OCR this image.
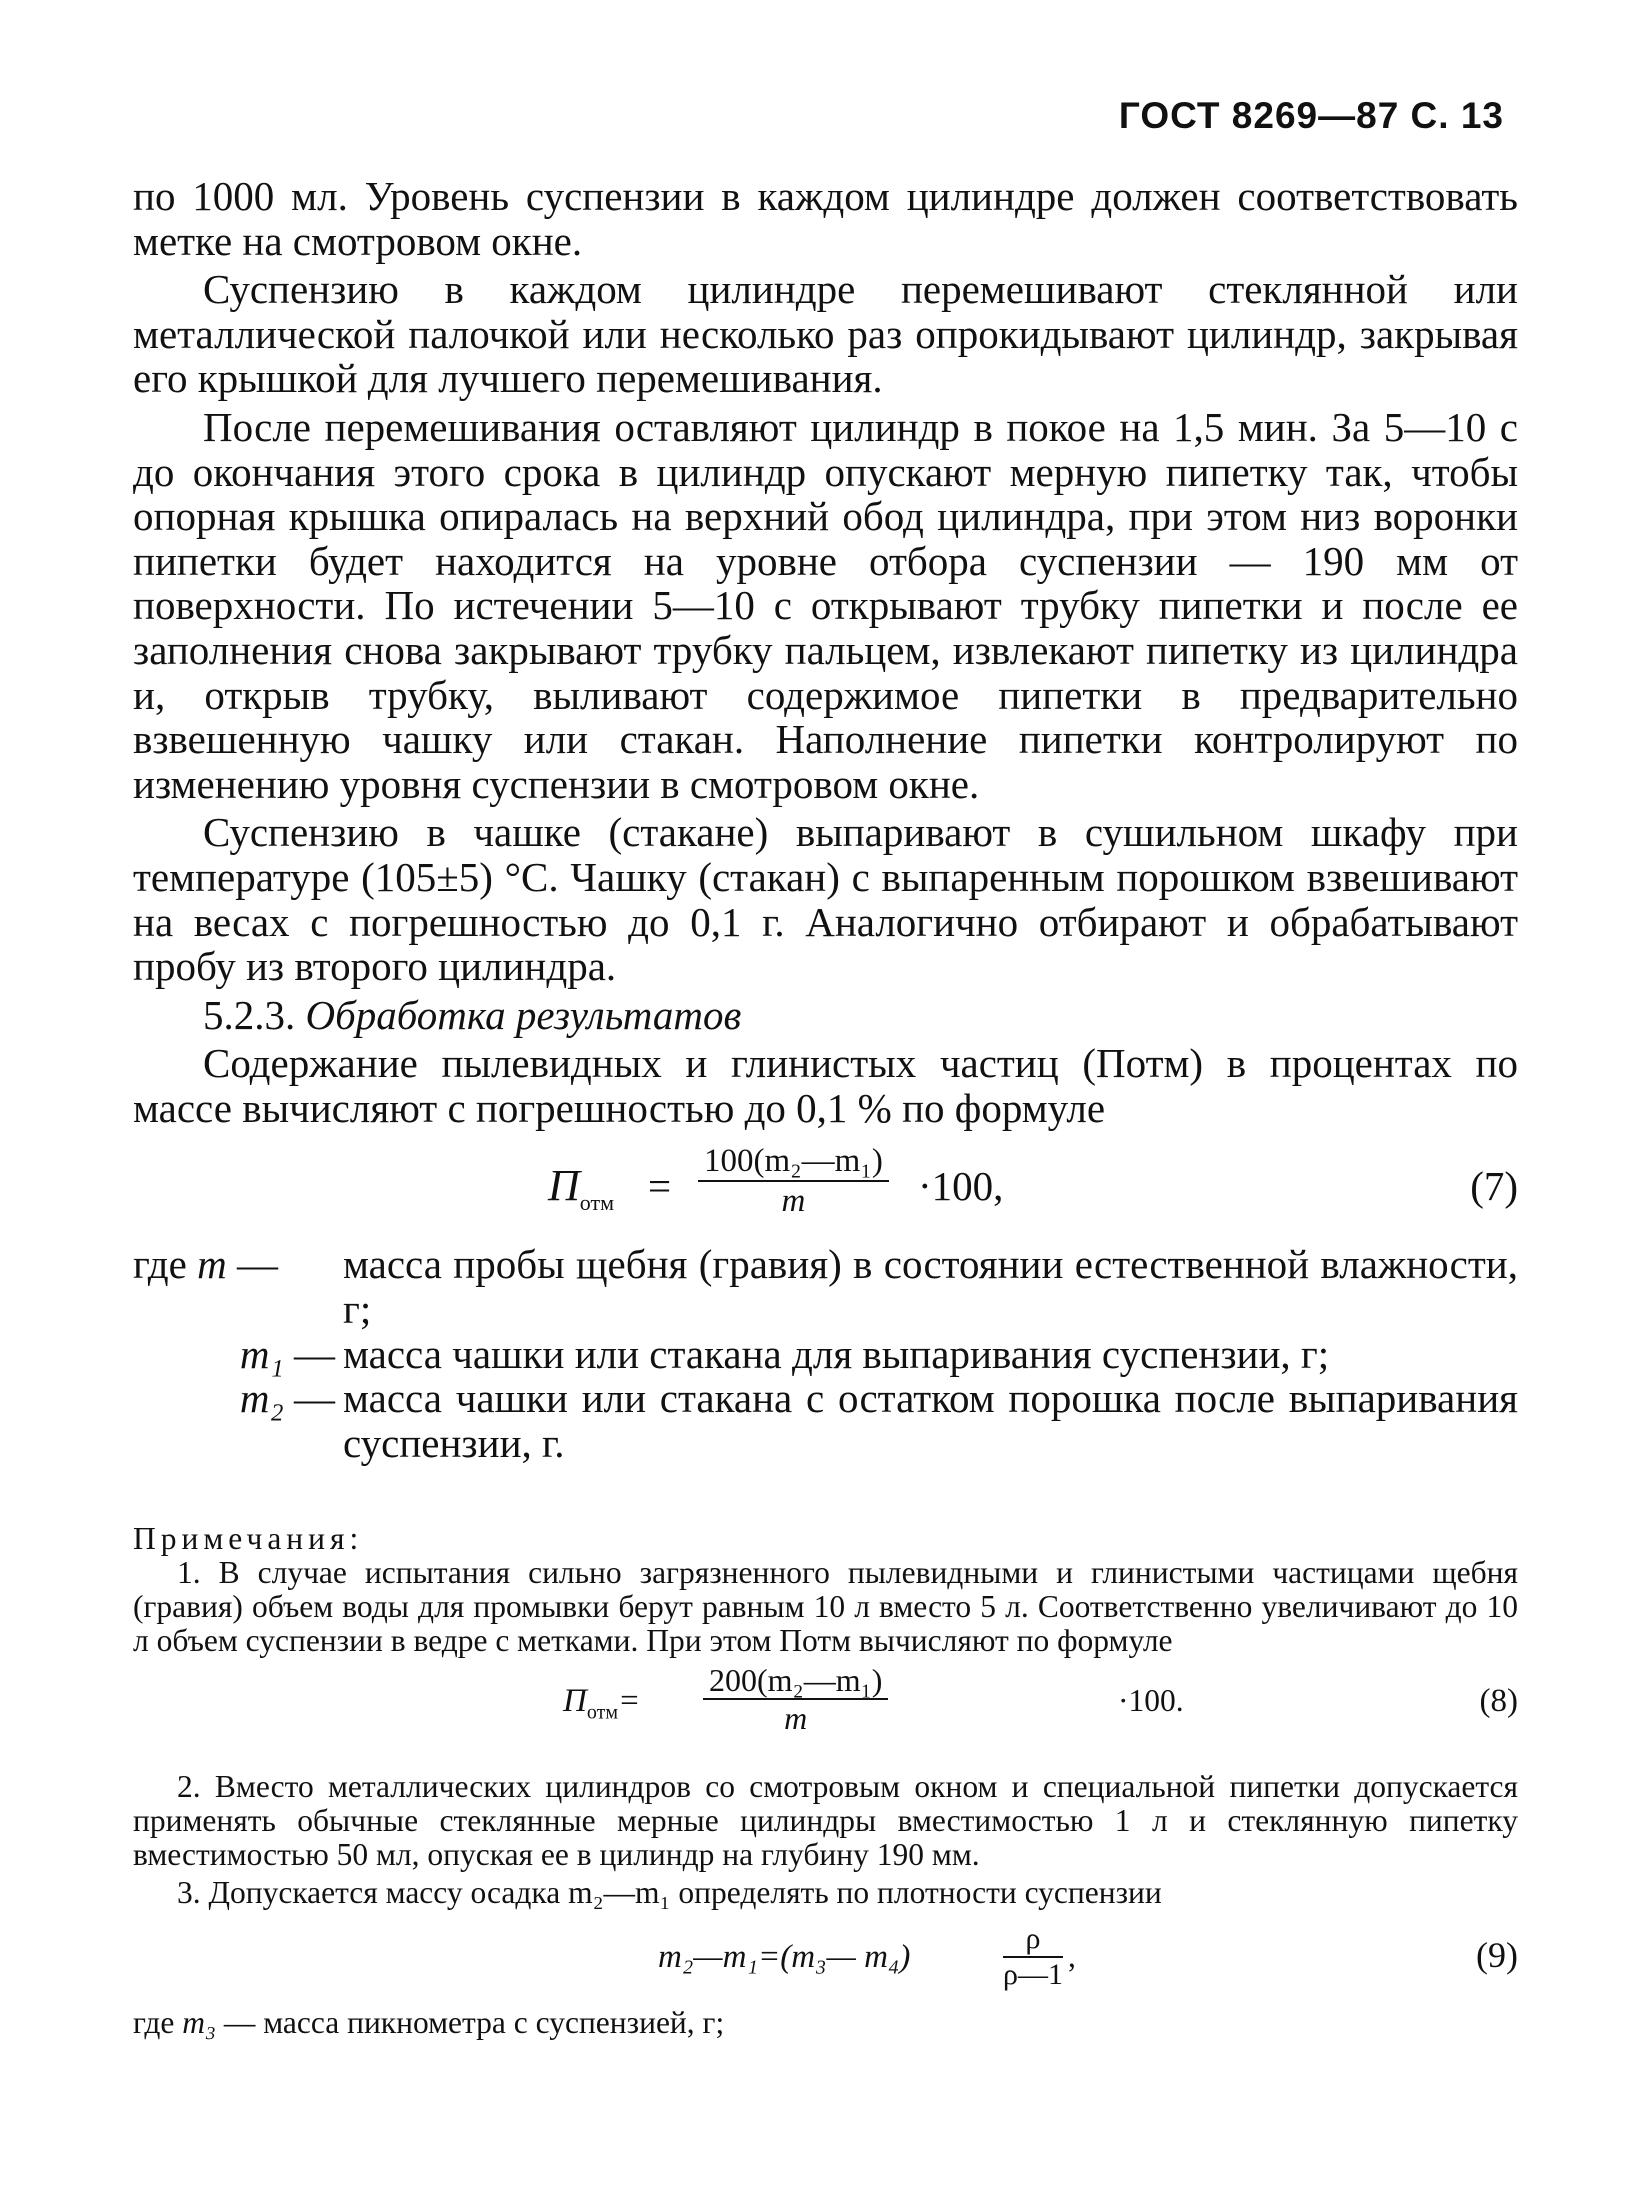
ГОСТ 8269—87 С. 13

по 1000 мл. Уровень суспензии в каждом цилиндре должен соответствовать метке на смотровом окне.

Суспензию в каждом цилиндре перемешивают стеклянной или металлической палочкой или несколько раз опрокидывают цилиндр, закрывая его крышкой для лучшего перемешивания.

После перемешивания оставляют цилиндр в покое на 1,5 мин. За 5—10 с до окончания этого срока в цилиндр опускают мерную пипетку так, чтобы опорная крышка опиралась на верхний обод цилиндра, при этом низ воронки пипетки будет находится на уровне отбора суспензии — 190 мм от поверхности. По истечении 5—10 с открывают трубку пипетки и после ее заполнения снова закрывают трубку пальцем, извлекают пипетку из цилиндра и, открыв трубку, выливают содержимое пипетки в предварительно взвешенную чашку или стакан. Наполнение пипетки контролируют по изменению уровня суспензии в смотровом окне.

Суспензию в чашке (стакане) выпаривают в сушильном шкафу при температуре (105±5) °С. Чашку (стакан) с выпаренным порошком взвешивают на весах с погрешностью до 0,1 г. Аналогично отбирают и обрабатывают пробу из второго цилиндра.

5.2.3. Обработка результатов

Содержание пылевидных и глинистых частиц (Потм) в процентах по массе вычисляют с погрешностью до 0,1 % по формуле

$П_{отм} = \frac{\text{100(m₂—m₁)}}{m} \cdot 100$,	(7)
где m —	масса пробы щебня (гравия) в состоянии естественной влажности, г;
m₁ — масса чашки или стакана для выпаривания суспензии, г;
m₂ — масса чашки или стакана с остатком порошка после выпаривания суспензии, г.

Примечания:

1. В случае испытания сильно загрязненного пылевидными и глинистыми частицами щебня (гравия) объем воды для промывки берут равным 10 л вместо 5 л. Соответственно увеличивают до 10 л объем суспензии в ведре с метками. При этом Потм вычисляют по формуле

$П_{отм}= \frac{\text{200(m₂—m₁)}}{m}$	·100.	(8)

2. Вместо металлических цилиндров со смотровым окном и специальной пипетки допускается применять обычные стеклянные мерные цилиндры вместимостью 1 л и стеклянную пипетку вместимостью 50 мл, опуская ее в цилиндр на глубину 190 мм.

3. Допускается массу осадка m₂—m₁ определять по плотности суспензии

m₂—m₁=(m₃— m₄)	$\frac{\rho}{\rho—1}$ ,	(9)

где m₃ — масса пикнометра с суспензией, г;
